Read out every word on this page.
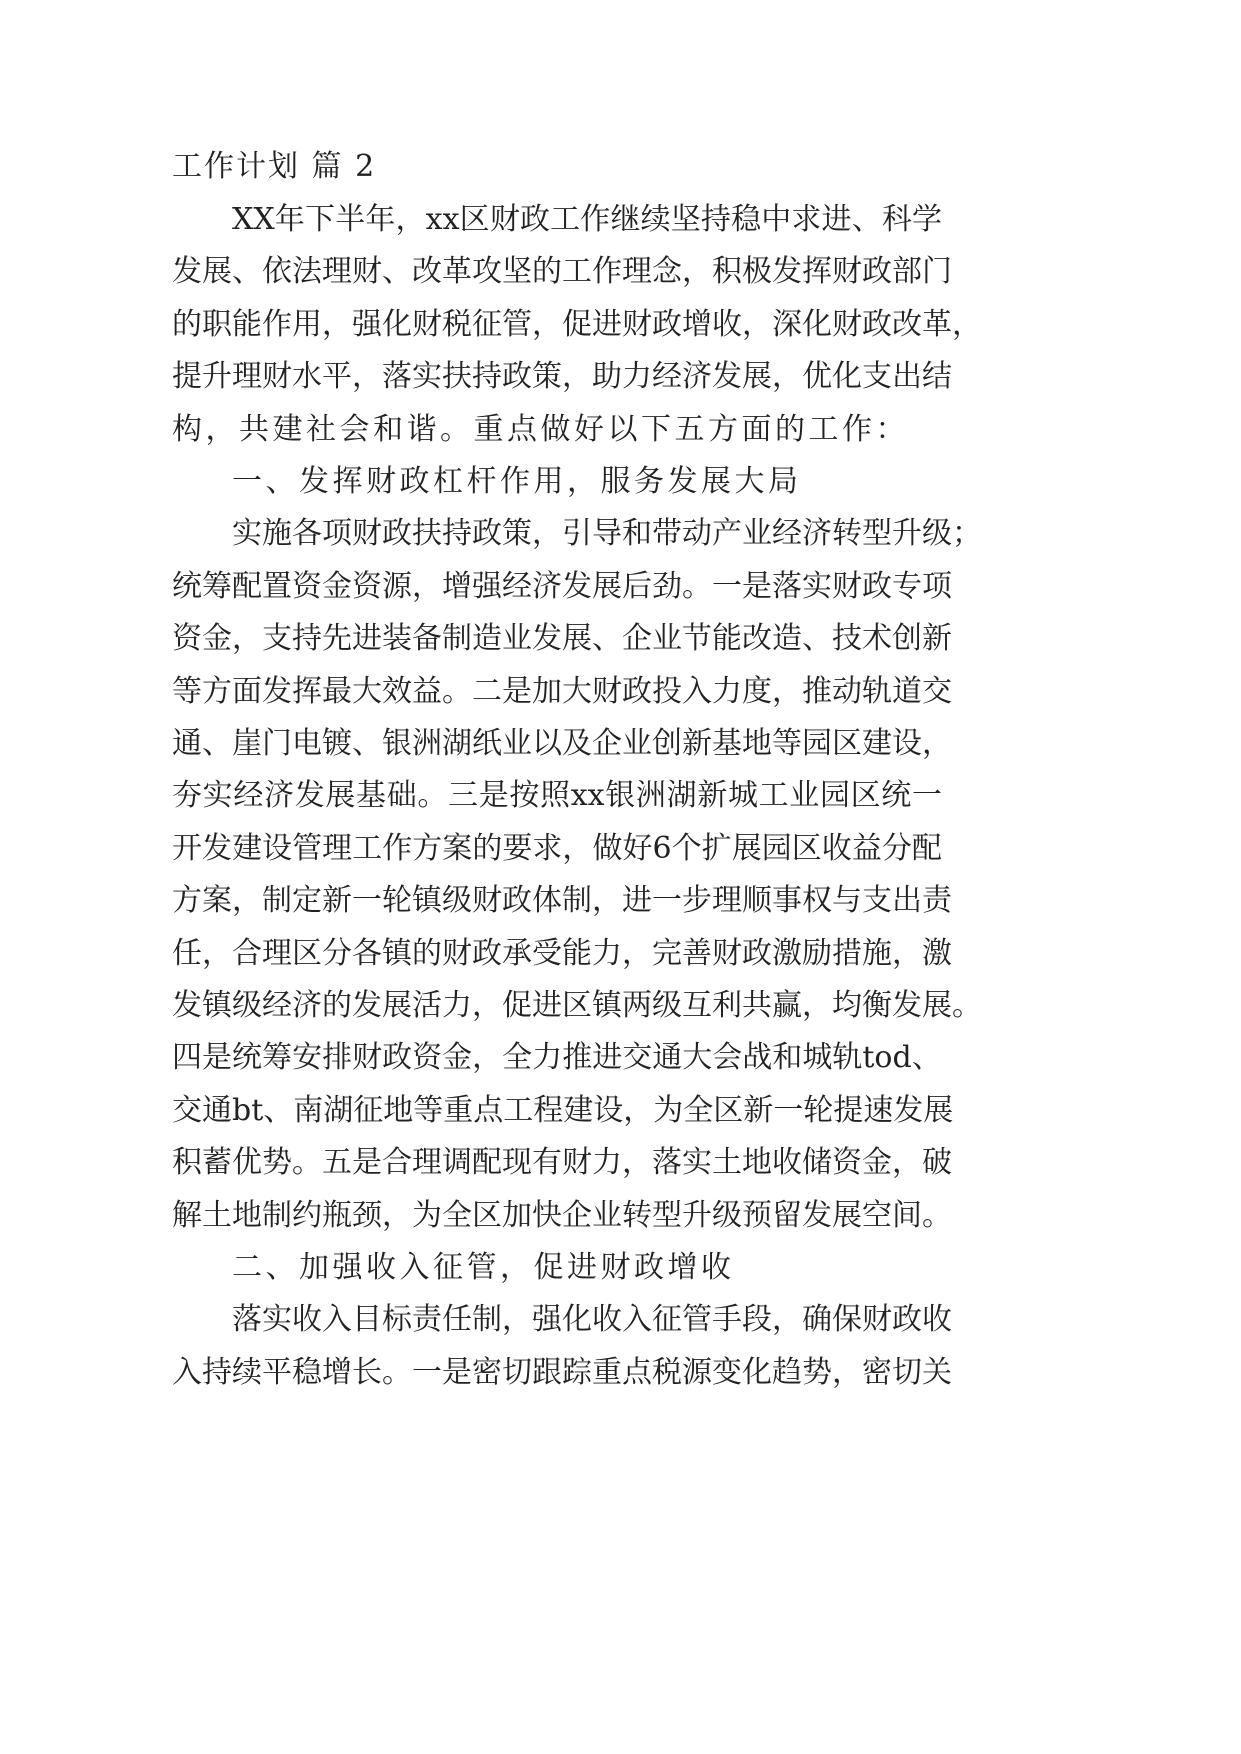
工作计划 篇 2
XX 年 下 半 年 ， xx 区 财 政 工 作 继 续 坚 持 稳 中 求 进 、 科 学
发 展 、 依 法 理 财 、 改 革 攻 坚 的 工 作 理 念 ， 积 极 发 挥 财 政 部 门
的 职 能 作 用 ， 强 化 财 税 征 管 ， 促 进 财 政 增 收 ， 深 化 财 政 改 革 ，
提 升 理 财 水 平 ， 落 实 扶 持 政 策 ， 助 力 经 济 发 展 ， 优 化 支 出 结
构，共建社会和谐。重点做好以下五方面的工作：
一、发挥财政杠杆作用，服务发展大局
实 施 各 项 财 政 扶 持 政 策 ， 引 导 和 带 动 产 业 经 济 转 型 升 级 ；
统 筹 配 置 资 金 资 源 ， 增 强 经 济 发 展 后 劲 。 一 是 落 实 财 政 专 项
资 金 ， 支 持 先 进 装 备 制 造 业 发 展 、 企 业 节 能 改 造 、 技 术 创 新
等 方 面 发 挥 最 大 效 益 。 二 是 加 大 财 政 投 入 力 度 ， 推 动 轨 道 交
通 、 崖 门 电 镀 、 银 洲 湖 纸 业 以 及 企 业 创 新 基 地 等 园 区 建 设 ，
夯 实 经 济 发 展 基 础 。 三 是 按 照 xx 银 洲 湖 新 城 工 业 园 区 统 一
开 发 建 设 管 理 工 作 方 案 的 要 求 ， 做 好 6 个 扩 展 园 区 收 益 分 配
方 案 ， 制 定 新 一 轮 镇 级 财 政 体 制 ， 进 一 步 理 顺 事 权 与 支 出 责
任 ， 合 理 区 分 各 镇 的 财 政 承 受 能 力 ， 完 善 财 政 激 励 措 施 ， 激
发 镇 级 经 济 的 发 展 活 力 ， 促 进 区 镇 两 级 互 利 共 赢 ， 均 衡 发 展 。
四 是 统 筹 安 排 财 政 资 金 ， 全 力 推 进 交 通 大 会 战 和 城 轨 tod 、
交 通 bt 、 南 湖 征 地 等 重 点 工 程 建 设 ， 为 全 区 新 一 轮 提 速 发 展
积 蓄 优 势 。 五 是 合 理 调 配 现 有 财 力 ， 落 实 土 地 收 储 资 金 ， 破
解 土 地 制 约 瓶 颈 ， 为 全 区 加 快 企 业 转 型 升 级 预 留 发 展 空 间 。
二、加强收入征管，促进财政增收
落 实 收 入 目 标 责 任 制 ， 强 化 收 入 征 管 手 段 ， 确 保 财 政 收
入 持 续 平 稳 增 长 。 一 是 密 切 跟 踪 重 点 税 源 变 化 趋 势 ， 密 切 关
